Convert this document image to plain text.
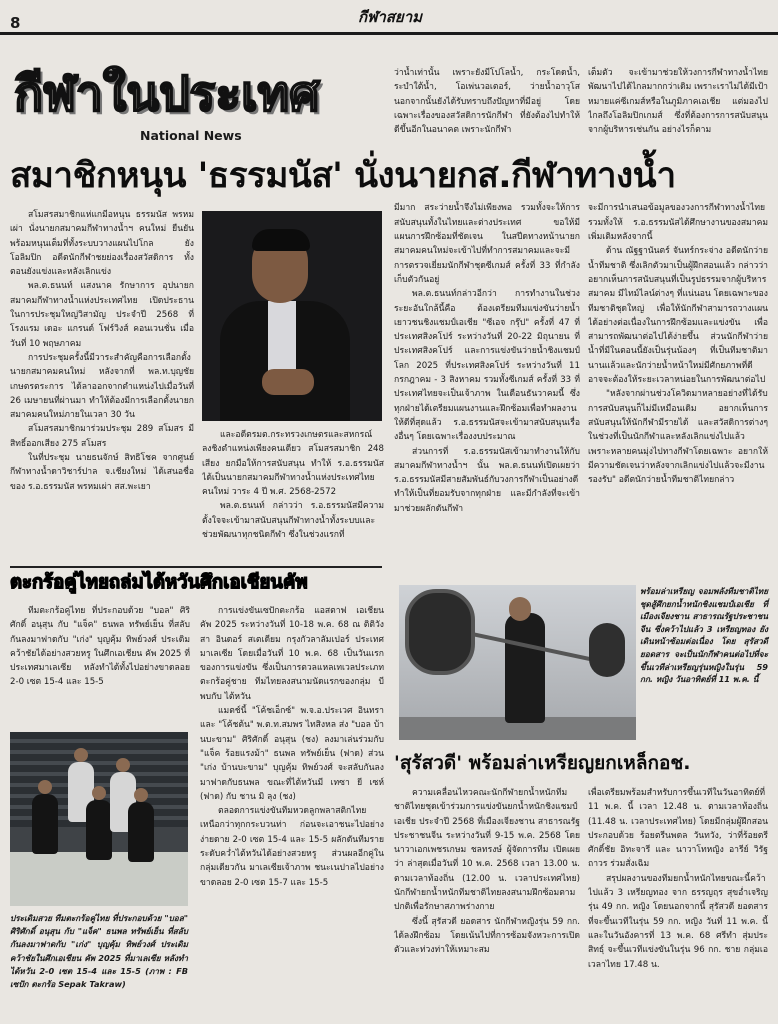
8	กีฬาสยาม
กีฬาในประเทศ
National News
สมาชิกหนุน 'ธรรมนัส' นั่งนายกส.กีฬาทางน้ำ

สโมสรสมาชิกแห่แกมีอหนุน ธรรมนัส พรหมเผ่า นั่งนายกสมาคมกีฬาทางน้ำฯ คนใหม่ ยืนยันพร้อมหนุนเต็มที่ทั้งระบบวางแผนไปโกล ยังโอลิมปิก อดีตนักกีฬาชยย่องเรื่องสวัสดิการ ทั้งตอนยังแข่งและหลังเลิกแข่ง

พล.ต.ธนนท์ แสงนาค รักษาการ อุปนายกสมาคมกีฬาทางน้ำแห่งประเทศไทย เปิดประธานในการประชุมใหญ่วิสามัญ ประจำปี 2568 ที่โรงแรม เดอะ แกรนด์ โฟร์วิงส์ คอนเวนชั่น เมื่อวันที่ 10 พฤษภาคม

การประชุมครั้งนี้มีวาระสำคัญคือการเลือกตั้งนายกสมาคมคนใหม่ หลังจากที่ พล.ท.บุญชัย เกษตรตระการ ได้ลาออกจากตำแหน่งไปเมื่อวันที่ 26 เมษายนที่ผ่านมา ทำให้ต้องมีการเลือกตั้งนายกสมาคมคนใหม่ภายในเวลา 30 วัน

สโมสรสมาชิกมาร่วมประชุม 289 สโมสร มีสิทธิ์ออกเสียง 275 สโมสร

ในที่ประชุม นายธนจักษ์ สิทธิโชค จากศูนย์กีฬาทางน้ำดาวิชาร์ปาล จ.เชียงใหม่ ได้เสนอชื่อของ ร.อ.ธรรมนัส พรหมเผ่า สส.พะเยา

และอดีตรมต.กระทรวงเกษตรและสหกรณ์ ลงชิงตำแหน่งเพียงคนเดียว สโมสรสมาชิก 248 เสียง ยกมือให้การสนับสนุน ทำให้ ร.อ.ธรรมนัส ได้เป็นนายกสมาคมกีฬาทางน้ำแห่งประเทศไทย คนใหม่ วาระ 4 ปี พ.ศ. 2568-2572

พล.ต.ธนนท์ กล่าวว่า ร.อ.ธรรมนัสมีความตั้งใจจะเข้ามาสนับสนุนกีฬาทางน้ำทั้งระบบและช่วยพัฒนาทุกชนิดกีฬา ซึ่งในช่วงแรกที่

ว่าน้ำเท่านั้น เพราะยังมีโปโลน้ำ, กระโดดน้ำ, ระบำใต้น้ำ, โอเพ่นวอเตอร์, ว่ายน้ำอาวุโส นอกจากนั้นยังได้รับทราบถึงปัญหาที่มีอยู่ โดยเฉพาะเรื่องของสวัสดิการนักกีฬา ที่ยังต้องไปทำให้ดีขึ้นอีกในอนาคต เพราะนักกีฬา

มีมาก สระว่ายน้ำจึงไม่เพียงพอ รวมทั้งจะให้การสนับสนุนทั้งในไทยและต่างประเทศ ขอให้มีแผนการฝึกซ้อมที่ชัดเจน ในสปีดทางหน้านายกสมาคมคนใหม่จะเข้าไปที่ทำการสมาคมและจะมีการตรวจเยี่ยมนักกีฬาชุดซีเกมส์ ครั้งที่ 33 ที่กำลังเก็บตัวกันอยู่

พล.ต.ธนนท์กล่าวอีกว่า การทำงานในช่วงระยะอันใกล้นี้คือ ต้องเตรียมทีมแข่งขันว่ายน้ำเยาวชนชิงแชมป์เอเชีย "ซีเอจ กรุ๊ป" ครั้งที่ 47 ที่ประเทศสิงคโปร์ ระหว่างวันที่ 20-22 มิถุนายน ที่ประเทศสิงคโปร์ และการแข่งขันว่ายน้ำชิงแชมป์โลก 2025 ที่ประเทศสิงคโปร์ ระหว่างวันที่ 11 กรกฎาคม - 3 สิงหาคม รวมทั้งซีเกมส์ ครั้งที่ 33 ที่ประเทศไทยจะเป็นเจ้าภาพ ในเดือนธันวาคมนี้ ซึ่งทุกฝ่ายได้เตรียมแผนงานและฝึกซ้อมเพื่อทำผลงานให้ดีที่สุดแล้ว ร.อ.ธรรมนัสจะเข้ามาสนับสนุนเรื่องอื่นๆ โดยเฉพาะเรื่องงบประมาณ

ส่วนการที่ ร.อ.ธรรมนัสเข้ามาทำงานให้กับสมาคมกีฬาทางน้ำฯ นั้น พล.ต.ธนนท์เปิดเผยว่า ร.อ.ธรรมนัสมีสายสัมพันธ์กับวงการกีฬาเป็นอย่างดี ทำให้เป็นที่ยอมรับจากทุกฝ่าย และมีกำลังที่จะเข้ามาช่วยผลักดันกีฬา

เต็มตัว จะเข้ามาช่วยให้วงการกีฬาทางน้ำไทยพัฒนาไปได้ไกลมากกว่าเดิม เพราะเราไม่ได้มีเป้าหมายแค่ซีเกมส์หรือในภูมิภาคเอเชีย แต่มองไปไกลถึงโอลิมปิกเกมส์ ซึ่งที่ต้องการการสนับสนุนจากผู้บริหารเช่นกัน อย่างไรก็ตาม

จะมีการนำเสนอข้อมูลของวงการกีฬาทางน้ำไทย รวมทั้งให้ ร.อ.ธรรมนัสได้ศึกษางานของสมาคมเพิ่มเติมหลังจากนี้

ด้าน ณัฐฐานันตร์ จันทร์กระจ่าง อดีตนักว่ายน้ำทีมชาติ ซึ่งเลิกตัวมาเป็นผู้ฝึกสอนแล้ว กล่าวว่า อยากเห็นการสนับสนุนที่เป็นรูปธรรมจากผู้บริหารสมาคม มีไทม์ไลน์ต่างๆ ที่แน่นอน โดยเฉพาะของทีมชาติชุดใหญ่ เพื่อให้นักกีฬาสามารถวางแผนได้อย่างต่อเนื่องในการฝึกซ้อมและแข่งขัน เพื่อสามารถพัฒนาต่อไปได้ง่ายขึ้น ส่วนนักกีฬาว่ายน้ำที่มีในตอนนี้ยังเป็นรุ่นน้องๆ ที่เป็นทีมชาติมานานแล้วและนักว่ายน้ำหน้าใหม่มีศักยภาพที่ดี อาจจะต้องให้ระยะเวลาหน่อยในการพัฒนาต่อไป

"หลังจากผ่านช่วงโควิดมาหลายอย่างที่ได้รับการสนับสนุนก็ไม่มีเหมือนเดิม อยากเห็นการสนับสนุนให้นักกีฬามีรายได้ และสวัสดิการต่างๆ ในช่วงที่เป็นนักกีฬาและหลังเลิกแข่งไปแล้ว เพราะหลายคนมุ่งไปทางกีฬาโดยเฉพาะ อยากให้มีความชัดเจนว่าหลังจากเลิกแข่งไปแล้วจะมีงานรองรับ" อดีตนักว่ายน้ำทีมชาติไทยกล่าว

ตะกร้อคู่ไทยถล่มไต้หวันศึกเอเชียนคัพ

ทีมตะกร้อคู่ไทย ที่ประกอบด้วย "บอล" ศิริศักดิ์ อนุสุน กับ "แจ็ค" ธนพล ทรัพย์เย็น ที่สลับกันลงมาฟาดกับ "เก่ง" บุญคุ้ม ทิพย์วงศ์ ประเดิมคว้าชัยได้อย่างสวยหรู ในศึกเอเชียน คัพ 2025 ที่ประเทศมาเลเซีย หลังทำได้ทั้งไปอย่างขาดลอย 2-0 เซต 15-4 และ 15-5

ประเดิมสวย ทีมตะกร้อคู่ไทย ที่ประกอบด้วย "บอล" ศิริศักดิ์ อนุสุน กับ "แจ็ค" ธนพล ทรัพย์เย็น ที่สลับกันลงมาฟาดกับ "เก่ง" บุญคุ้ม ทิพย์วงศ์ ประเดิมคว้าชัยในศึกเอเชียน คัพ 2025 ที่มาเลเซีย หลังทำได้หวัน 2-0 เซต 15-4 และ 15-5 (ภาพ : FB เซปัก ตะกร้อ Sepak Takraw)

การแข่งขันเซปักตะกร้อ แอสตาฟ เอเชียน คัพ 2025 ระหว่างวันที่ 10-18 พ.ค. 68 ณ ติติวังสา อินดอร์ สเตเดียม กรุงกัวลาลัมเปอร์ ประเทศมาเลเซีย โดยเมื่อวันที่ 10 พ.ค. 68 เป็นวันแรกของการแข่งขัน ซึ่งเป็นการตวลแหลเทเวลประเภทตะกร้อคู่ชาย ทีมไทยลงสนามนัดแรกของกลุ่ม บี พบกับ ไต้หวัน

แมตช์นี้ "โค้ชเอ็กซ์" พ.จ.อ.ประเวศ อินทรา และ "โค้ชต้น" พ.ต.ท.สมพร ไทสิงหล ส่ง "บอล บ้านบะขาม" ศิริศักดิ์ อนุสุน (ชง) ลงมาเล่นร่วมกับ "แจ็ค ร้อยแรงม้า" ธนพล ทรัพย์เย็น (ฟาด) ส่วน "เก่ง บ้านบะขาม" บุญคุ้ม ทิพย์วงศ์ จะสลับกันลงมาฟาดกับธนพล ขณะที่ไต้หวันมี เทซา ยี เซห์ (ฟาด) กับ ชาน มิ ลุง (ชง)

ตลอดการแข่งขันทีมหวดลูกพลาสติกไทยเหนือกว่าทุกกระบวนท่า ก่อนจะเอาชนะไปอย่างง่ายดาย 2-0 เซต 15-4 และ 15-5 ผลักดันทีมรายระดับคว่ำไต้หวันได้อย่างสวยหรู ส่วนผลอีกคู่ในกลุ่มเดียวกัน มาเลเซียเจ้าภาพ ชนะเนปาลไปอย่างขาดลอย 2-0 เซต 15-7 และ 15-5

พร้อมล่าเหรียญ จอมพลังทีมชาติไทยชุดสู้ศึกยกน้ำหนักชิงแชมป์เอเชีย ที่เมืองเจียงชาน สาธารณรัฐประชาชนจีน ซึ่งคว้าไปแล้ว 3 เหรียญทอง ยังเดินหน้าซ้อมต่อเนื่อง โดย สุรัสวดี ยอดสาร จะเป็นนักกีฬาคนต่อไปที่จะขึ้นเวทีล่าเหรียญรุ่นหญิงในรุ่น 59 กก. หญิง วันอาทิตย์ที่ 11 พ.ค. นี้
'สุรัสวดี' พร้อมล่าเหรียญยกเหล็กอช.

ความเคลื่อนไหวคณะนักกีฬายกน้ำหนักทีมชาติไทยชุดเข้าร่วมการแข่งขันยกน้ำหนักชิงแชมป์เอเชีย ประจำปี 2568 ที่เมืองเจียงชาน สาธารณรัฐประชาชนจีน ระหว่างวันที่ 9-15 พ.ค. 2568 โดย นาวาเอกเพชรเกษม ชลทรงษ์ ผู้จัดการทีม เปิดเผยว่า ล่าสุดเมื่อวันที่ 10 พ.ค. 2568 เวลา 13.00 น. ตามเวลาท้องถิ่น (12.00 น. เวลาประเทศไทย) นักกีฬายกน้ำหนักทีมชาติไทยลงสนามฝึกซ้อมตามปกติเพื่อรักษาสภาพร่างกาย

ซึ่งนี้ สุรัสวดี ยอดสาร นักกีฬาหญิงรุ่น 59 กก. ได้ลงฝึกซ้อม โดยเน้นไปที่การซ้อมจังหวะการเปิดตัวและท่วงท่าให้เหมาะสม

เพื่อเตรียมพร้อมสำหรับการขึ้นเวทีในวันอาทิตย์ที่ 11 พ.ค. นี้ เวลา 12.48 น. ตามเวลาท้องถิ่น (11.48 น. เวลาประเทศไทย) โดยมีกลุ่มผู้ฝึกสอน ประกอบด้วย ร้อยตรีนพดล วันทวัง, ว่าที่ร้อยตรี ศักดิ์ชัย อิทะจารี และ นาวาโทหญิง อารีย์ วิรัฐถาวร ร่วมสั่งเฉิม

สรุปผลงานของทีมยกน้ำหนักไทยขณะนี้คว้าไปแล้ว 3 เหรียญทอง จาก ธรรญฤร สุขอ่ำเจริญ รุ่น 49 กก. หญิง โดยนอกจากนี้ สุรัสวดี ยอดสาร ที่จะขึ้นเวทีในรุ่น 59 กก. หญิง วันที่ 11 พ.ค. นี้ และในวันอังคารที่ 13 พ.ค. 68 ศรีทำ สุ่มประสิทธุ์ จะขึ้นเวทีแข่งขันในรุ่น 96 กก. ชาย กลุ่มเอ เวลาไทย 17.48 น.
